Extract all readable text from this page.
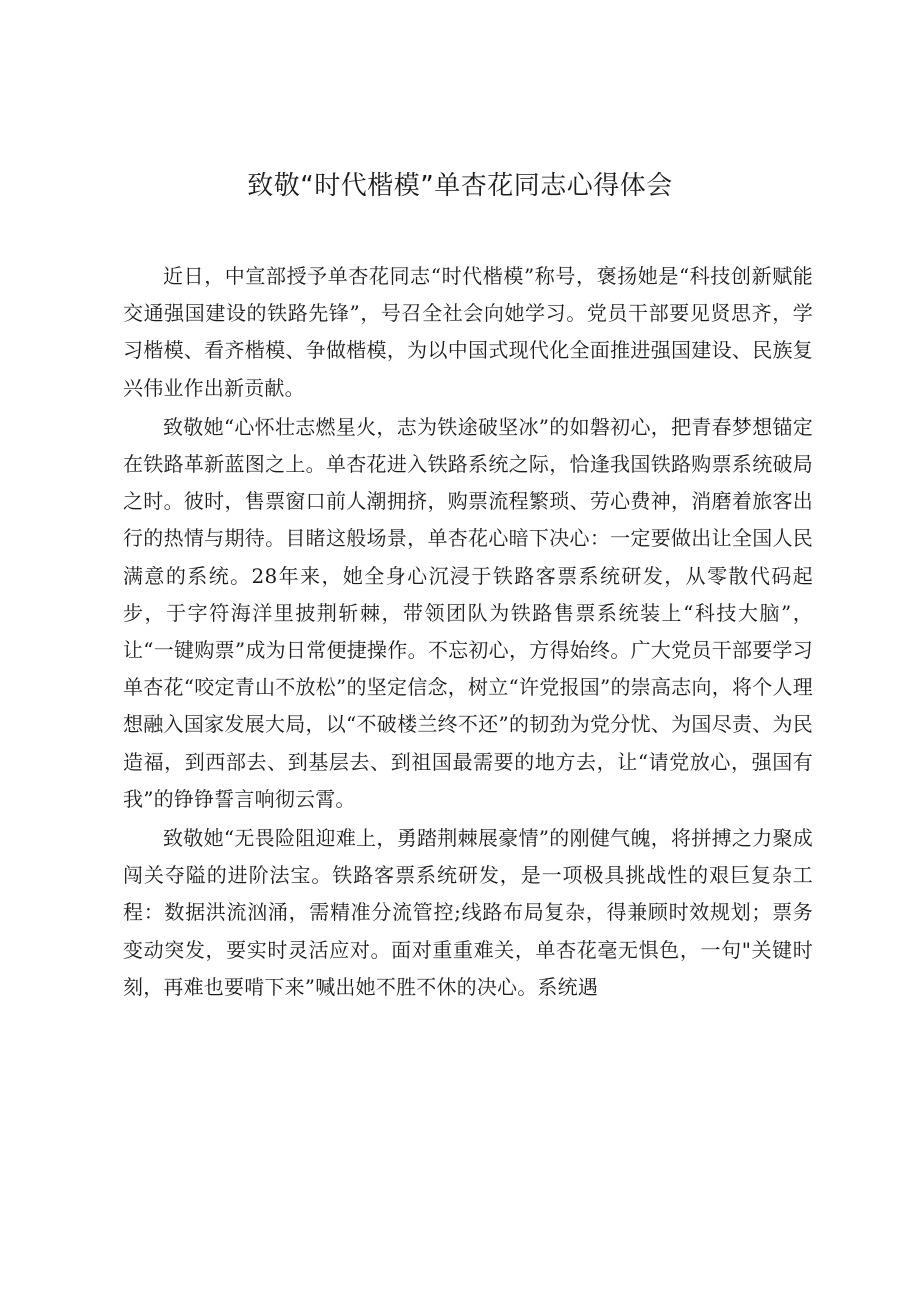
致敬“时代楷模”单杏花同志心得体会

近日，中宣部授予单杏花同志“时代楷模”称号，褒扬她是“科技创新赋能交通强国建设的铁路先锋”，号召全社会向她学习。党员干部要见贤思齐，学习楷模、看齐楷模、争做楷模，为以中国式现代化全面推进强国建设、民族复兴伟业作出新贡献。

致敬她“心怀壮志燃星火，志为铁途破坚冰”的如磐初心，把青春梦想锚定在铁路革新蓝图之上。单杏花进入铁路系统之际，恰逢我国铁路购票系统破局之时。彼时，售票窗口前人潮拥挤，购票流程繁琐、劳心费神，消磨着旅客出行的热情与期待。目睹这般场景，单杏花心暗下决心：一定要做出让全国人民满意的系统。28年来，她全身心沉浸于铁路客票系统研发，从零散代码起步，于字符海洋里披荆斩棘，带领团队为铁路售票系统装上“科技大脑”，让“一键购票”成为日常便捷操作。不忘初心，方得始终。广大党员干部要学习单杏花“咬定青山不放松”的坚定信念，树立“许党报国”的崇高志向，将个人理想融入国家发展大局，以“不破楼兰终不还”的韧劲为党分忧、为国尽责、为民造福，到西部去、到基层去、到祖国最需要的地方去，让“请党放心，强国有我”的铮铮誓言响彻云霄。

致敬她“无畏险阻迎难上，勇踏荆棘展豪情”的刚健气魄，将拼搏之力聚成闯关夺隘的进阶法宝。铁路客票系统研发，是一项极具挑战性的艰巨复杂工程：数据洪流汹涌，需精准分流管控;线路布局复杂，得兼顾时效规划；票务变动突发，要实时灵活应对。面对重重难关，单杏花毫无惧色，一句"关键时刻，再难也要啃下来”喊出她不胜不休的决心。系统遇
